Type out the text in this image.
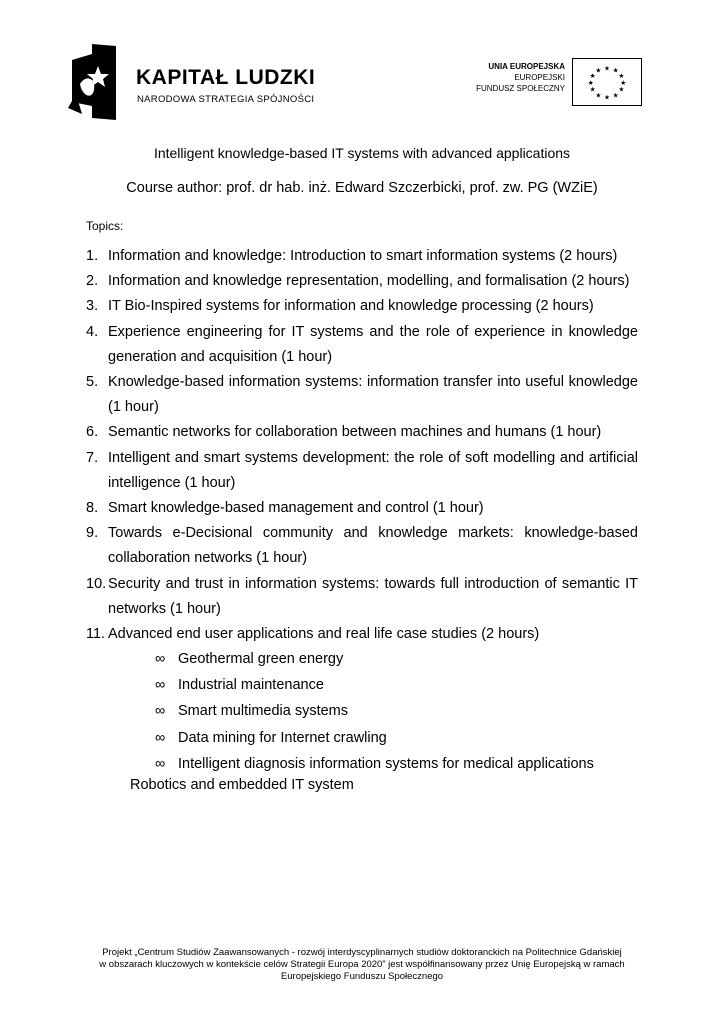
KAPITAŁ LUDZKI
NARODOWA STRATEGIA SPÓJNOŚCI
UNIA EUROPEJSKA
EUROPEJSKI
FUNDUSZ SPOŁECZNY
★ ★
★
★
★
★
★
★
★
★
★
★
Intelligent knowledge-based IT systems with advanced applications
Course author: prof. dr hab. inż. Edward Szczerbicki, prof. zw. PG (WZiE)
Topics:
1. Information and knowledge: Introduction to smart information systems (2 hours)
2. Information and knowledge representation, modelling, and formalisation (2 hours)
3. IT Bio-Inspired systems for information and knowledge processing (2 hours)
4. Experience engineering for IT systems and the role of experience in knowledge generation and acquisition (1 hour)
5. Knowledge-based information systems: information transfer into useful knowledge (1 hour)
6. Semantic networks for collaboration between machines and humans (1 hour)
7. Intelligent and smart systems development: the role of soft modelling and artificial intelligence (1 hour)
8. Smart knowledge-based management and control (1 hour)
9. Towards e-Decisional community and knowledge markets: knowledge-based collaboration networks (1 hour)
10. Security and trust in information systems: towards full introduction of semantic IT networks (1 hour)
11. Advanced end user applications and real life case studies (2 hours)
∞ Geothermal green energy
∞ Industrial maintenance
∞ Smart multimedia systems
∞ Data mining for Internet crawling
∞ Intelligent diagnosis information systems for medical applications
Robotics and embedded IT system
Projekt „Centrum Studiów Zaawansowanych - rozwój interdyscyplinarnych studiów doktoranckich na Politechnice Gdańskiej
w obszarach kluczowych w kontekście celów Strategii Europa 2020” jest współfinansowany przez Unię Europejską w ramach
Europejskiego Funduszu Społecznego
